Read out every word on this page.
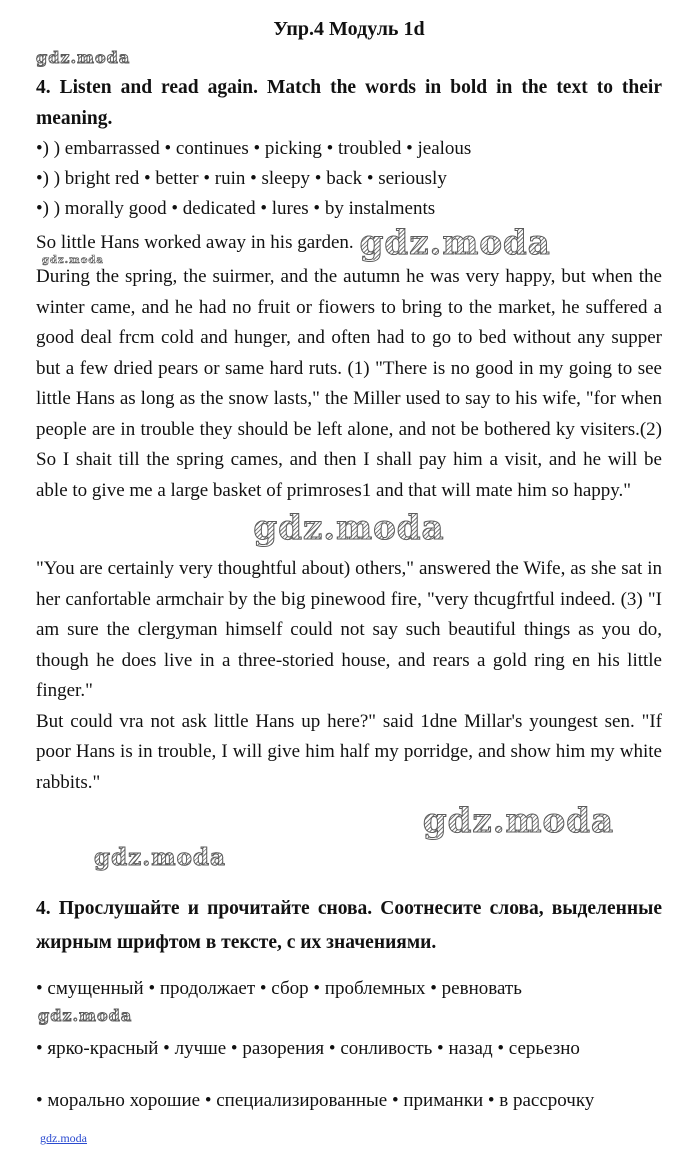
Упр.4 Модуль 1d
gdz.moda
4. Listen and read again. Match the words in bold in the text to their meaning.
•) ) embarrassed • continues • picking • troubled • jealous
•) ) bright red • better • ruin • sleepy • back • seriously
•) ) morally good • dedicated • lures • by instalments
So little Hans worked away in his garden. gdz.moda
gdz.moda

During the spring, the suirmer, and the autumn he was very happy, but when the winter came, and he had no fruit or fiowers to bring to the market, he suffered a good deal frcm cold and hunger, and often had to go to bed without any supper but a few dried pears or same hard ruts. (1) "There is no good in my going to see little Hans as long as the snow lasts," the Miller used to say to his wife, "for when people are in trouble they should be left alone, and not be bothered ky visiters.(2) So I shait till the spring cames, and then I shall pay him a visit, and he will be able to give me a large basket of primroses1 and that will mate him so happy."

gdz.moda

"You are certainly very thoughtful about) others," answered the Wife, as she sat in her canfortable armchair by the big pinewood fire, "very thcugfrtful indeed. (3) "I am sure the clergyman himself could not say such beautiful things as you do, though he does live in a three-storied house, and rears a gold ring en his little finger."

But could vra not ask little Hans up here?" said 1dne Millar's youngest sen. "If poor Hans is in trouble, I will give him half my porridge, and show him my white rabbits."

gdz.moda
gdz.moda
4. Прослушайте и прочитайте снова. Соотнесите слова, выделенные жирным шрифтом в тексте, с их значениями.
• смущенный • продолжает • сбор • проблемных • ревновать
gdz.moda
• ярко-красный • лучше • разорения • сонливость • назад • серьезно
• морально хорошие • специализированные • приманки • в рассрочку
gdz.moda
